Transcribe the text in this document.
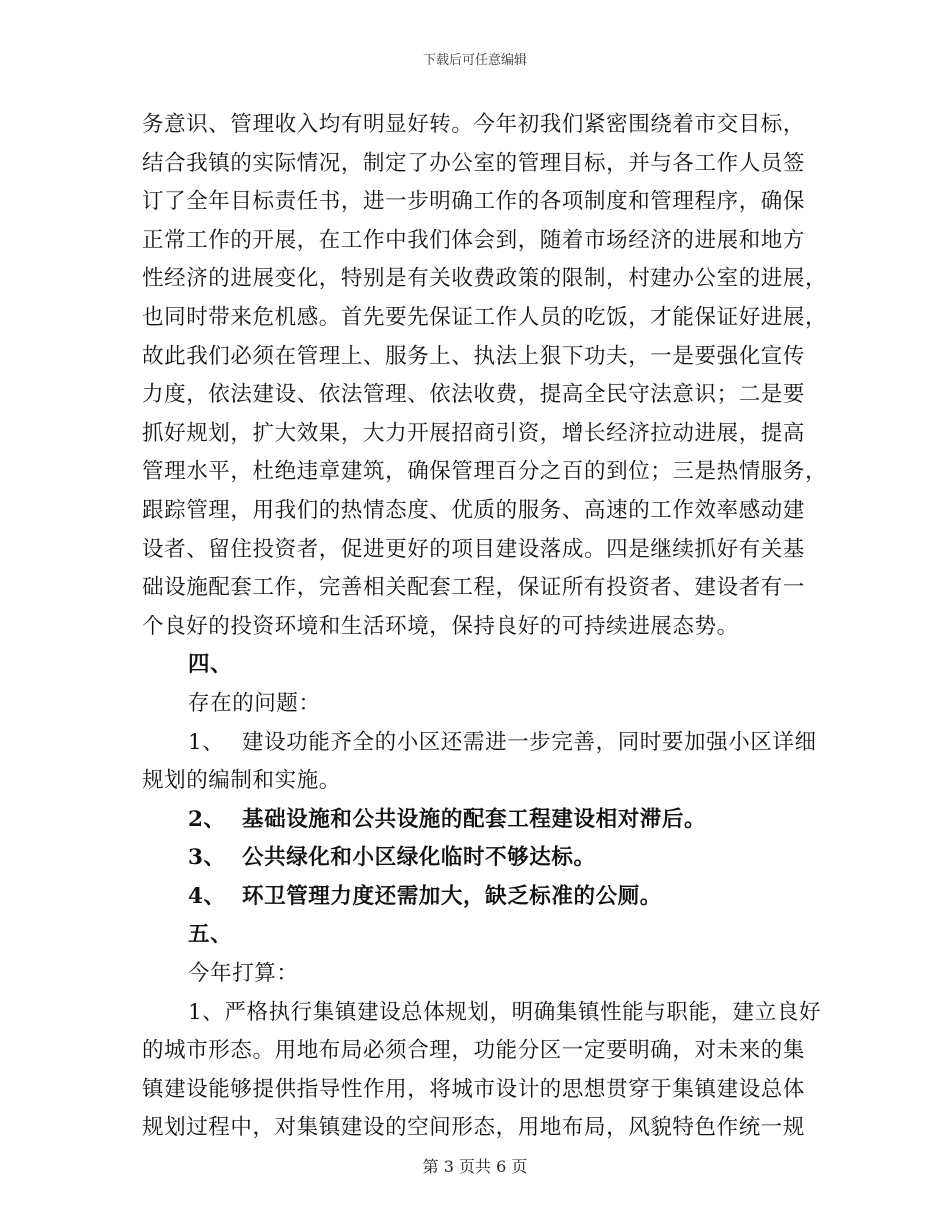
下载后可任意编辑
务意识、管理收入均有明显好转。今年初我们紧密围绕着市交目标，
结合我镇的实际情况，制定了办公室的管理目标，并与各工作人员签
订了全年目标责任书，进一步明确工作的各项制度和管理程序，确保
正常工作的开展，在工作中我们体会到，随着市场经济的进展和地方
性经济的进展变化，特别是有关收费政策的限制，村建办公室的进展，
也同时带来危机感。首先要先保证工作人员的吃饭，才能保证好进展，
故此我们必须在管理上、服务上、执法上狠下功夫，一是要强化宣传
力度，依法建设、依法管理、依法收费，提高全民守法意识；二是要
抓好规划，扩大效果，大力开展招商引资，增长经济拉动进展，提高
管理水平，杜绝违章建筑，确保管理百分之百的到位；三是热情服务，
跟踪管理，用我们的热情态度、优质的服务、高速的工作效率感动建
设者、留住投资者，促进更好的项目建设落成。四是继续抓好有关基
础设施配套工作，完善相关配套工程，保证所有投资者、建设者有一
个良好的投资环境和生活环境，保持良好的可持续进展态势。
四、
存在的问题：
1、 建设功能齐全的小区还需进一步完善，同时要加强小区详细
规划的编制和实施。
2、 基础设施和公共设施的配套工程建设相对滞后。
3、 公共绿化和小区绿化临时不够达标。
4、 环卫管理力度还需加大，缺乏标准的公厕。
五、
今年打算：
1、严格执行集镇建设总体规划，明确集镇性能与职能，建立良好
的城市形态。用地布局必须合理，功能分区一定要明确，对未来的集
镇建设能够提供指导性作用，将城市设计的思想贯穿于集镇建设总体
规划过程中，对集镇建设的空间形态，用地布局，风貌特色作统一规
第 3 页共 6 页
